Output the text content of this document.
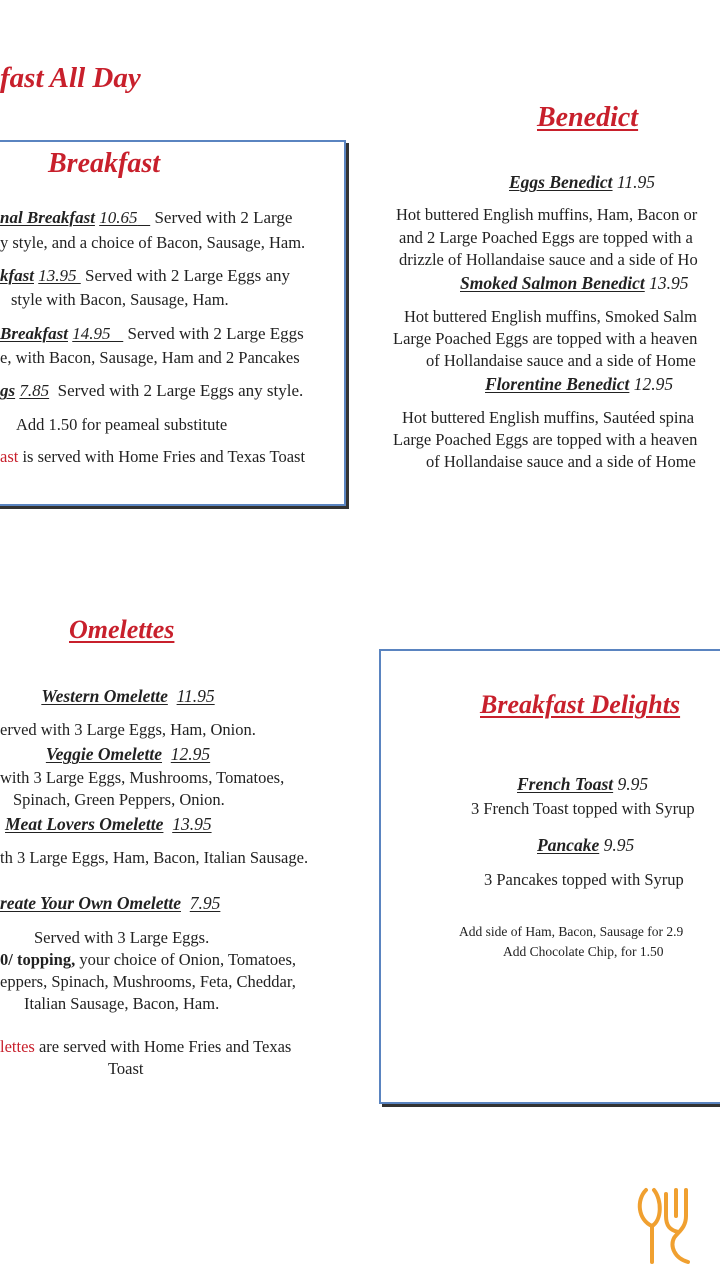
fast All Day
Breakfast
nal Breakfast 10.65    Served with 2 Large
y style, and a choice of Bacon, Sausage, Ham.
kfast 13.95  Served with 2 Large Eggs any
style with Bacon, Sausage, Ham.
Breakfast 14.95    Served with 2 Large Eggs
e, with Bacon, Sausage, Ham and 2 Pancakes
gs 7.85 Served with 2 Large Eggs any style.
Add 1.50 for peameal substitute
ast is served with Home Fries and Texas Toast
Benedict
Eggs Benedict 11.95
Hot buttered English muffins, Ham, Bacon or
and 2 Large Poached Eggs are topped with a
drizzle of Hollandaise sauce and a side of Ho
Smoked Salmon Benedict 13.95
Hot buttered English muffins, Smoked Salm
Large Poached Eggs are topped with a heaven
of Hollandaise sauce and a side of Home
Florentine Benedict 12.95
Hot buttered English muffins, Sautéed spina
Large Poached Eggs are topped with a heaven
of Hollandaise sauce and a side of Home
Omelettes
Western Omelette 11.95
erved with 3 Large Eggs, Ham, Onion.
Veggie Omelette 12.95
with 3 Large Eggs, Mushrooms, Tomatoes,
Spinach, Green Peppers, Onion.
Meat Lovers Omelette 13.95
th 3 Large Eggs, Ham, Bacon, Italian Sausage.
reate Your Own Omelette 7.95
Served with 3 Large Eggs.
0/ topping, your choice of Onion, Tomatoes,
eppers, Spinach, Mushrooms, Feta, Cheddar,
Italian Sausage, Bacon, Ham.
lettes are served with Home Fries and Texas
Toast
Breakfast Delights
French Toast 9.95
3 French Toast topped with Syrup
Pancake 9.95
3 Pancakes topped with Syrup
Add side of Ham, Bacon, Sausage for 2.9
Add Chocolate Chip, for 1.50
